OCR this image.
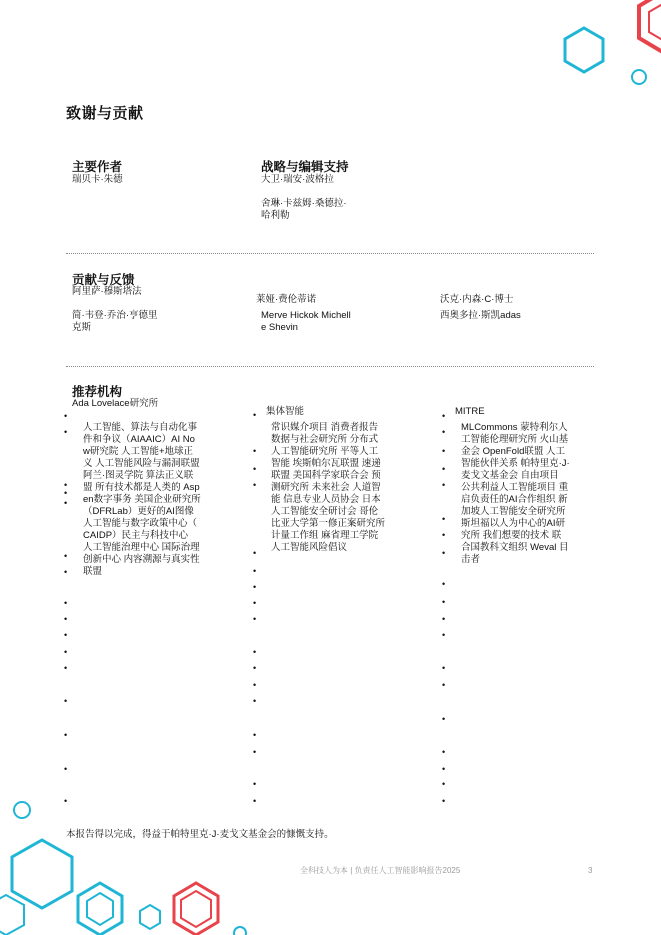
致谢与贡献
主要作者
瑞贝卡·朱德
战略与编辑支持
大卫·瑞安·波格拉
舍琳·卡兹姆·桑德拉·
哈利勒
贡献与反馈
阿里萨·穆斯塔法
莱娅·费伦蒂诺	沃克·内森·C·博士
简·韦登·乔治·亨德里
克斯
Merve Hickok Michell
e Shevin
西奥多拉·斯凯adas
推荐机构
Ada Lovelace研究所
人工智能、算法与自动化事
件和争议（AIAAIC）AI No
w研究院 人工智能+地球正
义 人工智能风险与漏洞联盟
阿兰·图灵学院 算法正义联
盟 所有技术都是人类的 Asp
en数字事务 美国企业研究所
（DFRLab）更好的AI图像
人工智能与数字政策中心（
CAIDP）民主与科技中心
人工智能治理中心 国际治理
创新中心 内容溯源与真实性
联盟
集体智能
常识媒介项目 消费者报告
数据与社会研究所 分布式
人工智能研究所 平等人工
智能 埃斯帕尔瓦联盟 速递
联盟 美国科学家联合会 预
测研究所 未来社会 人道智
能 信息专业人员协会 日本
人工智能安全研讨会 哥伦
比亚大学第一修正案研究所
计量工作组 麻省理工学院
人工智能风险倡议
MITRE
MLCommons 蒙特利尔人
工智能伦理研究所 火山基
金会 OpenFold联盟 人工
智能伙伴关系 帕特里克·J·
麦戈文基金会 自由项目
公共利益人工智能项目 重
启负责任的AI合作组织 新
加坡人工智能安全研究所
斯坦福以人为中心的AI研
究所 我们想要的技术 联
合国教科文组织 Weval 目
击者
•
•
•
•
•
•
•
•
•
•
•
•
•
•
•
•
•
•
•
•
•
•
•
•
•
•
•
•
•
•
•
•
•
•
•
•
•
•
•
•
•
•
•
•
•
•
•
•
•
•
•
•
本报告得以完成，得益于帕特里克·J·麦戈文基金会的慷慨支持。
全科技人为本 | 负责任人工智能影响报告2025	3
